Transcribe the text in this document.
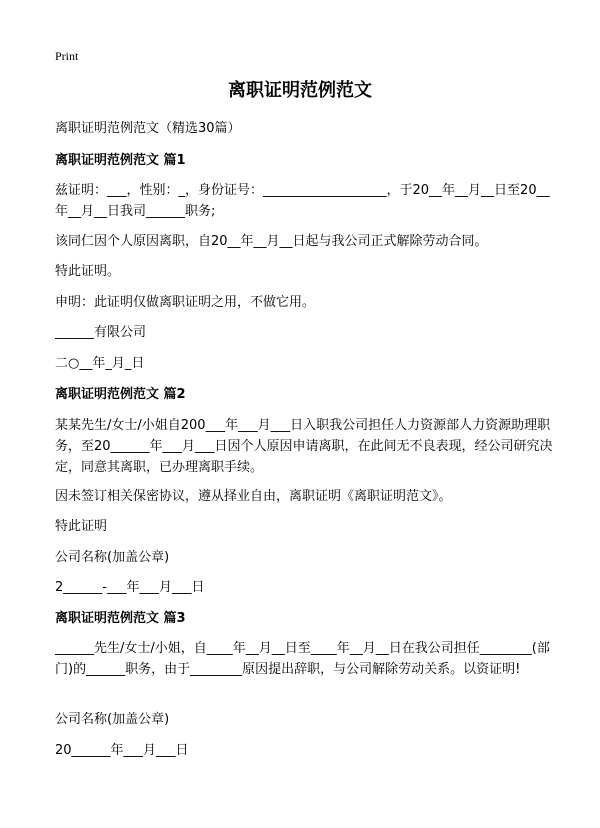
Print
离职证明范例范文

离职证明范例范文（精选30篇）

离职证明范例范文 篇1

兹证明：___，性别：_，身份证号：___________________，于20__年__月__日至20__年__月__日我司______职务;

该同仁因个人原因离职，自20__年__月__日起与我公司正式解除劳动合同。

特此证明。

申明：此证明仅做离职证明之用，不做它用。

______有限公司

二○__年_月_日

离职证明范例范文 篇2

某某先生/女士/小姐自200___年___月___日入职我公司担任人力资源部人力资源助理职务，至20______年___月___日因个人原因申请离职，在此间无不良表现，经公司研究决定，同意其离职，已办理离职手续。

因未签订相关保密协议，遵从择业自由，离职证明《离职证明范文》。

特此证明

公司名称(加盖公章)

2______-___年___月___日

离职证明范例范文 篇3

______先生/女士/小姐，自____年__月__日至____年__月__日在我公司担任________(部门)的______职务，由于________原因提出辞职，与公司解除劳动关系。以资证明!

公司名称(加盖公章)

20______年___月___日
